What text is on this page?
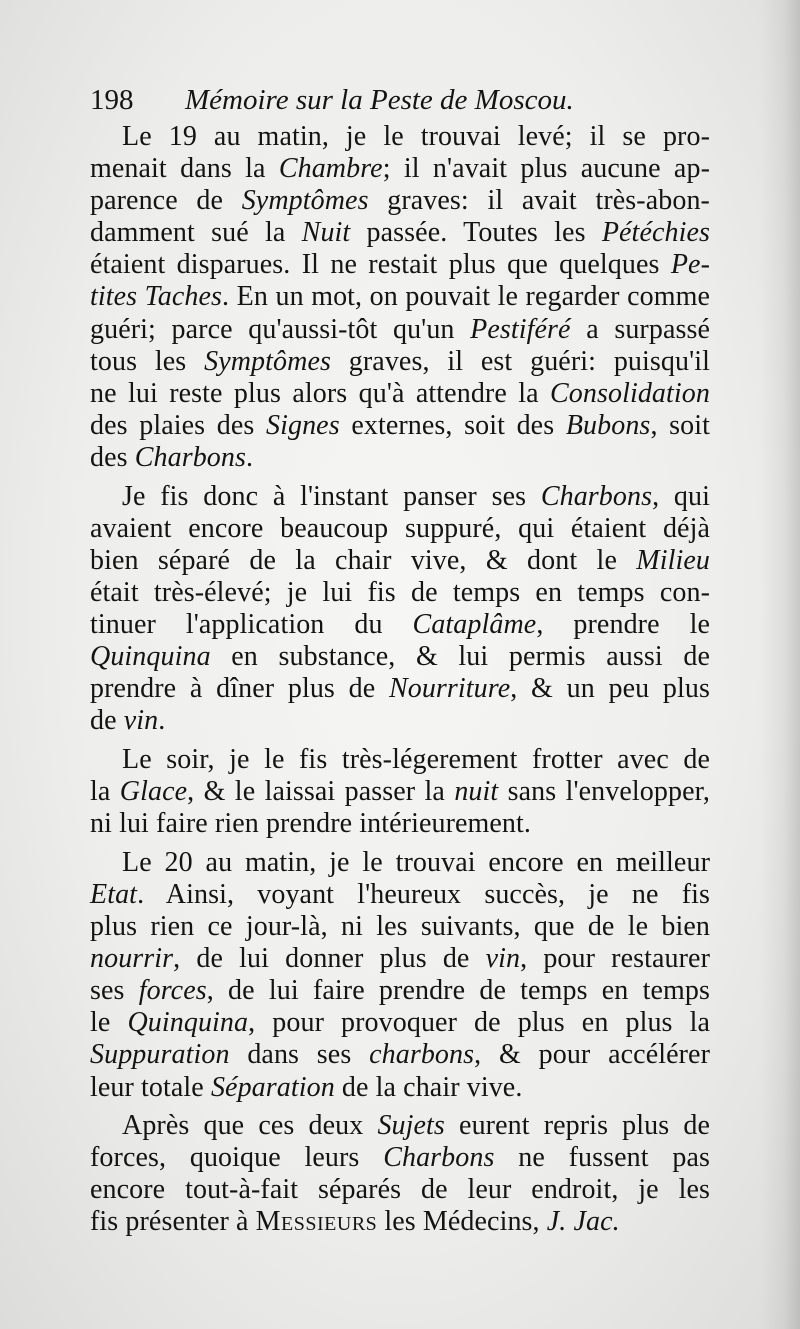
198 Mémoire sur la Peste de Moscou.
Le 19 au matin, je le trouvai levé; il se pro-
menait dans la Chambre; il n'avait plus aucune ap-
parence de Symptômes graves: il avait très-abon-
damment sué la Nuit passée. Toutes les Pétéchies
étaient disparues. Il ne restait plus que quelques Pe-
tites Taches. En un mot, on pouvait le regarder comme
guéri; parce qu'aussi-tôt qu'un Pestiféré a surpassé
tous les Symptômes graves, il est guéri: puisqu'il
ne lui reste plus alors qu'à attendre la Consolidation
des plaies des Signes externes, soit des Bubons, soit
des Charbons.
Je fis donc à l'instant panser ses Charbons, qui
avaient encore beaucoup suppuré, qui étaient déjà
bien séparé de la chair vive, & dont le Milieu
était très-élevé; je lui fis de temps en temps con-
tinuer l'application du Cataplâme, prendre le
Quinquina en substance, & lui permis aussi de
prendre à dîner plus de Nourriture, & un peu plus
de vin.
Le soir, je le fis très-légerement frotter avec de
la Glace, & le laissai passer la nuit sans l'envelopper,
ni lui faire rien prendre intérieurement.
Le 20 au matin, je le trouvai encore en meilleur
Etat. Ainsi, voyant l'heureux succès, je ne fis
plus rien ce jour-là, ni les suivants, que de le bien
nourrir, de lui donner plus de vin, pour restaurer
ses forces, de lui faire prendre de temps en temps
le Quinquina, pour provoquer de plus en plus la
Suppuration dans ses charbons, & pour accélérer
leur totale Séparation de la chair vive.
Après que ces deux Sujets eurent repris plus de
forces, quoique leurs Charbons ne fussent pas
encore tout-à-fait séparés de leur endroit, je les
fis présenter à Messieurs les Médecins, J. Jac.
